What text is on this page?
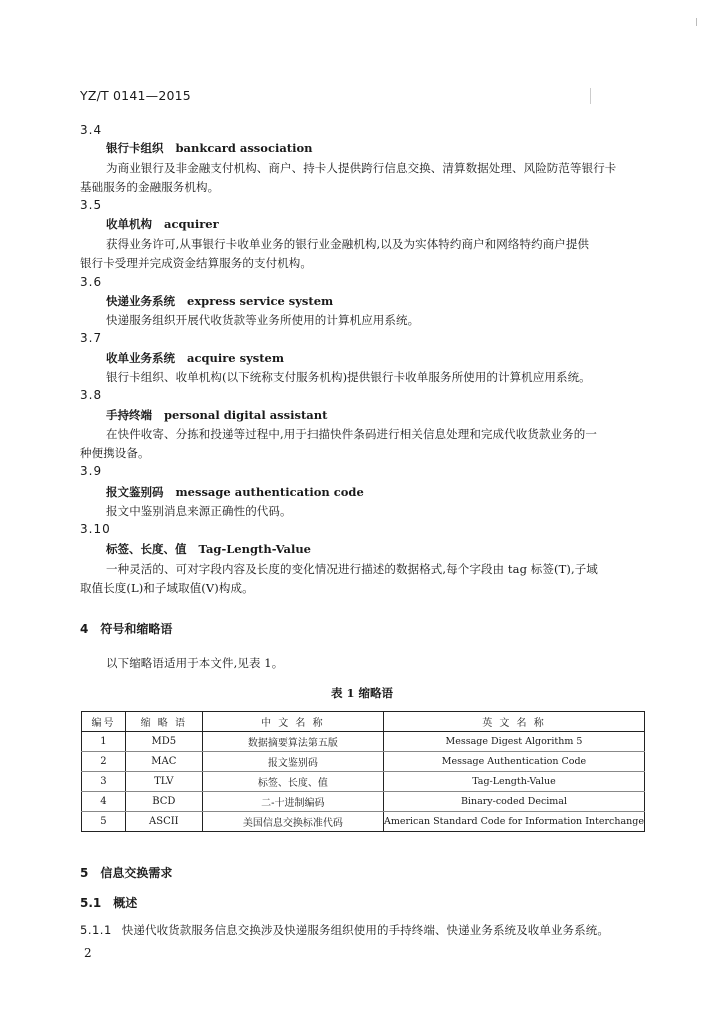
YZ/T 0141—2015
3.4
银行卡组织 bankcard association
为商业银行及非金融支付机构、商户、持卡人提供跨行信息交换、清算数据处理、风险防范等银行卡
基础服务的金融服务机构。
3.5
收单机构 acquirer
获得业务许可,从事银行卡收单业务的银行业金融机构,以及为实体特约商户和网络特约商户提供
银行卡受理并完成资金结算服务的支付机构。
3.6
快递业务系统 express service system
快递服务组织开展代收货款等业务所使用的计算机应用系统。
3.7
收单业务系统 acquire system
银行卡组织、收单机构(以下统称支付服务机构)提供银行卡收单服务所使用的计算机应用系统。
3.8
手持终端 personal digital assistant
在快件收寄、分拣和投递等过程中,用于扫描快件条码进行相关信息处理和完成代收货款业务的一
种便携设备。
3.9
报文鉴别码 message authentication code
报文中鉴别消息来源正确性的代码。
3.10
标签、长度、值 Tag-Length-Value
一种灵活的、可对字段内容及长度的变化情况进行描述的数据格式,每个字段由 tag 标签(T),子域
取值长度(L)和子域取值(V)构成。
4 符号和缩略语
以下缩略语适用于本文件,见表 1。
表 1 缩略语
编号	缩 略 语	中 文 名 称	英 文 名 称
1	MD5	数据摘要算法第五版	Message Digest Algorithm 5
2	MAC	报文鉴别码	Message Authentication Code
3	TLV	标签、长度、值	Tag-Length-Value
4	BCD	二-十进制编码	Binary-coded Decimal
5	ASCII	美国信息交换标准代码	American Standard Code for Information Interchange
5 信息交换需求
5.1 概述
5.1.1 快递代收货款服务信息交换涉及快递服务组织使用的手持终端、快递业务系统及收单业务系统。
2
